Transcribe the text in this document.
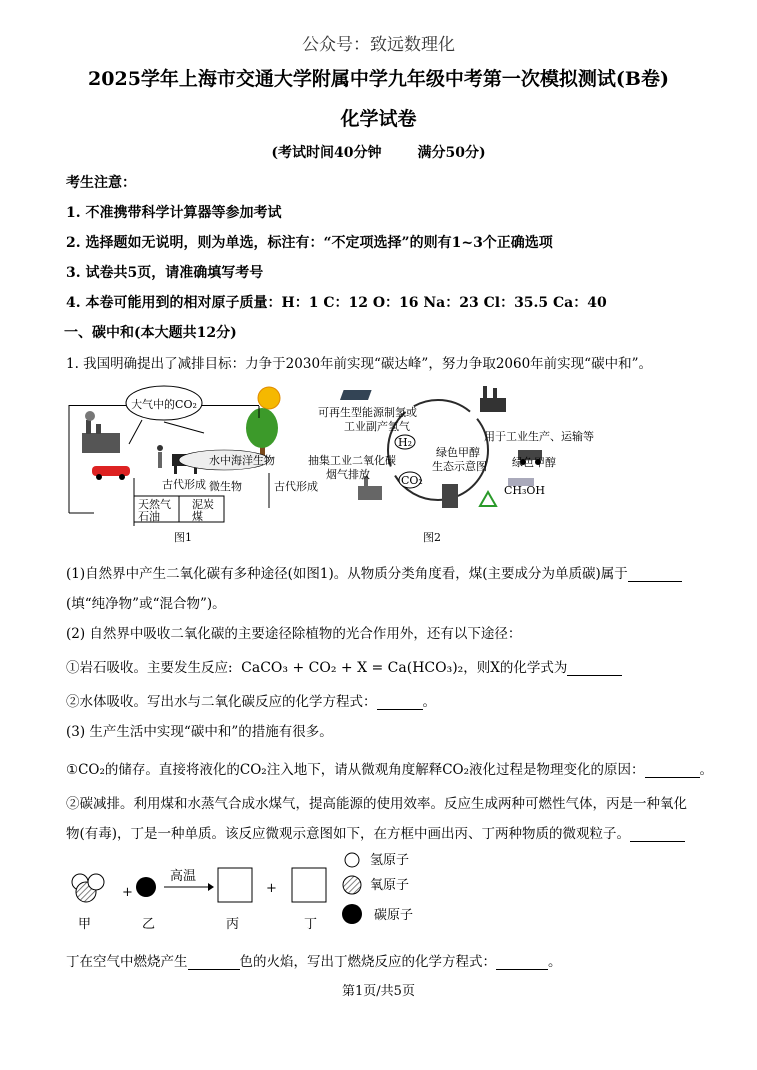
公众号：致远数理化
2025学年上海市交通大学附属中学九年级中考第一次模拟测试(B卷)
化学试卷
(考试时间40分钟	满分50分)
考生注意：
1. 不准携带科学计算器等参加考试
2. 选择题如无说明，则为单选，标注有：“不定项选择”的则有1~3个正确选项
3. 试卷共5页，请准确填写考号
4. 本卷可能用到的相对原子质量：H：1 C：12 O：16 Na：23 Cl：35.5 Ca：40
一、碳中和(本大题共12分)
1. 我国明确提出了减排目标：力争于2030年前实现“碳达峰”，努力争取2060年前实现“碳中和”。
大气中的CO₂
水中海洋生物
古代形成	古代形成
微生物
天然气 泥炭
石油	煤
图1
可再生型能源制氢或
工业副产氢气
H₂
CO₂
抽集工业二氧化碳
烟气排放
绿色甲醇
生态示意图
用于工业生产、运输等
绿色甲醇
CH₃OH
图2
(1)自然界中产生二氧化碳有多种途径(如图1)。从物质分类角度看，煤(主要成分为单质碳)属于
(填“纯净物”或“混合物”)。
(2) 自然界中吸收二氧化碳的主要途径除植物的光合作用外，还有以下途径：
①岩石吸收。主要发生反应: CaCO₃ + CO₂ + X = Ca(HCO₃)₂，则X的化学式为
②水体吸收。写出水与二氧化碳反应的化学方程式：	。
(3) 生产生活中实现“碳中和”的措施有很多。
①CO₂的储存。直接将液化的CO₂注入地下，请从微观角度解释CO₂液化过程是物理变化的原因：	。
②碳减排。利用煤和水蒸气合成水煤气，提高能源的使用效率。反应生成两种可燃性气体，丙是一种氧化
物(有毒)，丁是一种单质。该反应微观示意图如下，在方框中画出丙、丁两种物质的微观粒子。
+
高温
+
甲	乙	丙	丁
氢原子
氧原子
碳原子
丁在空气中燃烧产生	色的火焰，写出丁燃烧反应的化学方程式：	。
第1页/共5页
